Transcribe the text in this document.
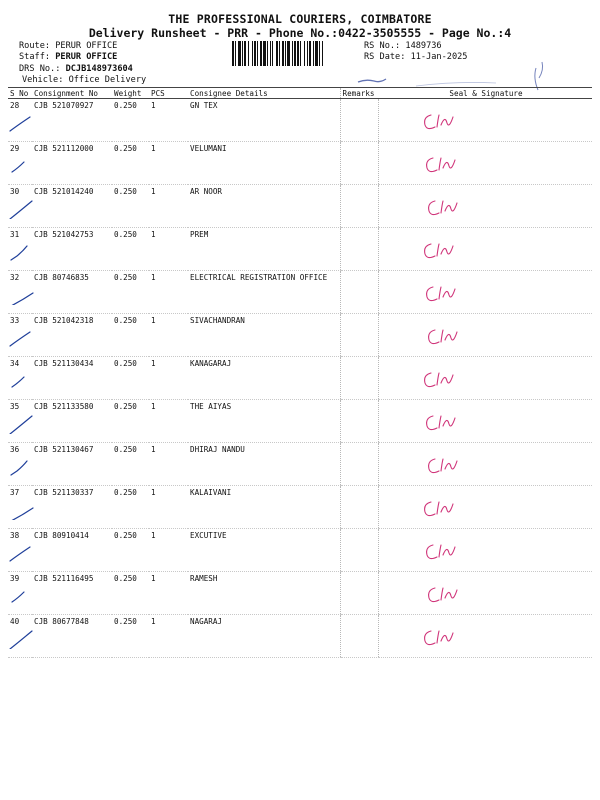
THE PROFESSIONAL COURIERS, COIMBATORE
Delivery Runsheet - PRR - Phone No.:0422-3505555 - Page No.:4
Route: PERUR OFFICE
Staff: PERUR OFFICE
DRS No.: DCJB148973604
Vehicle: Office Delivery
RS No.: 1489736
RS Date: 11-Jan-2025
S No	Consignment No	Weight	PCS	Consignee Details	Remarks	Seal & Signature
28	CJB 521070927	0.250	1	GN TEX		

29	CJB 521112000	0.250	1	VELUMANI		

30	CJB 521014240	0.250	1	AR NOOR		

31	CJB 521042753	0.250	1	PREM		

32	CJB 80746835	0.250	1	ELECTRICAL REGISTRATION OFFICE		

33	CJB 521042318	0.250	1	SIVACHANDRAN		

34	CJB 521130434	0.250	1	KANAGARAJ		

35	CJB 521133580	0.250	1	THE AIYAS		

36	CJB 521130467	0.250	1	DHIRAJ NANDU		

37	CJB 521130337	0.250	1	KALAIVANI		

38	CJB 80910414	0.250	1	EXCUTIVE		

39	CJB 521116495	0.250	1	RAMESH		

40	CJB 80677848	0.250	1	NAGARAJ		
